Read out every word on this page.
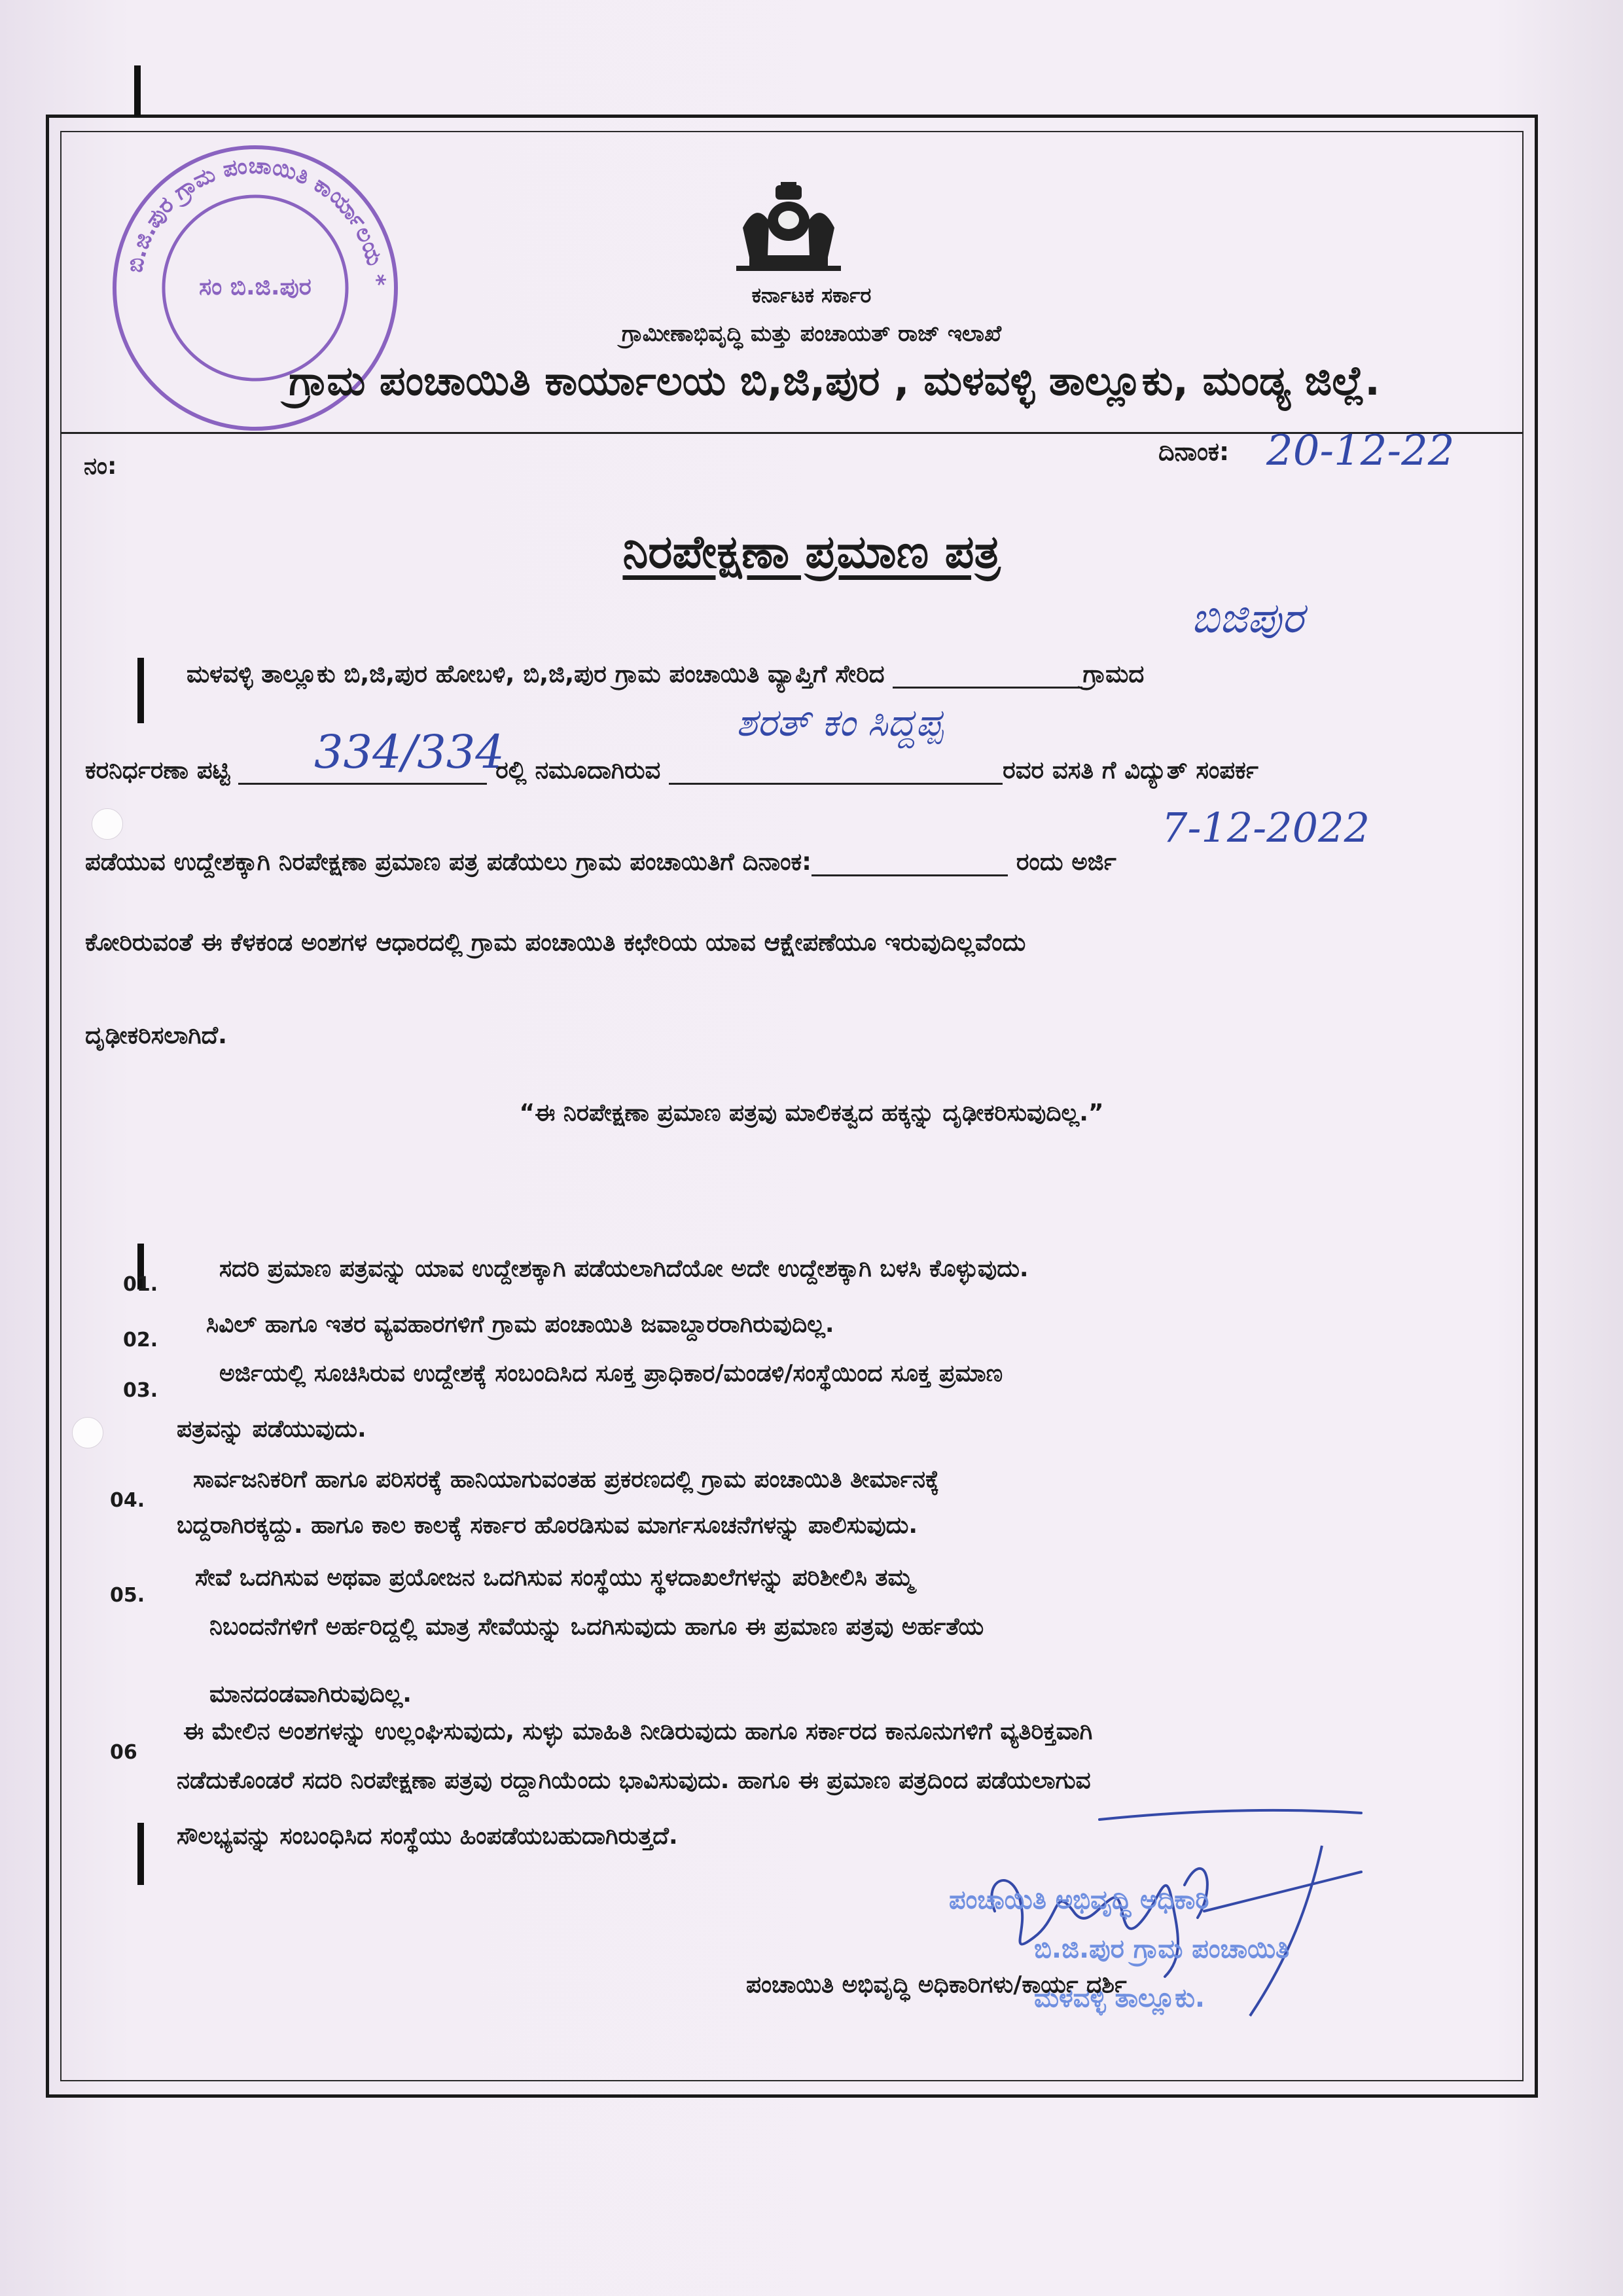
ಬಿ.ಜಿ.ಪುರ ಗ್ರಾಮ ಪಂಚಾಯಿತಿ ಕಾರ್ಯಾಲಯ *
ಸಂ ಬಿ.ಜಿ.ಪುರ	ಕರ್ನಾಟಕ ಸರ್ಕಾರ
ಗ್ರಾಮೀಣಾಭಿವೃದ್ಧಿ ಮತ್ತು ಪಂಚಾಯತ್ ರಾಜ್ ಇಲಾಖೆ
ಗ್ರಾಮ ಪಂಚಾಯಿತಿ ಕಾರ್ಯಾಲಯ ಬಿ,ಜಿ,ಪುರ , ಮಳವಳ್ಳಿ ತಾಲ್ಲೂಕು, ಮಂಡ್ಯ ಜಿಲ್ಲೆ.
ನಂ:
ದಿನಾಂಕ: 20-12-22
ನಿರಪೇಕ್ಷಣಾ ಪ್ರಮಾಣ ಪತ್ರ
ಬಿಜಿಪುರ
ಮಳವಳ್ಳಿ ತಾಲ್ಲೂಕು ಬಿ,ಜಿ,ಪುರ ಹೋಬಳಿ, ಬಿ,ಜಿ,ಪುರ ಗ್ರಾಮ ಪಂಚಾಯಿತಿ ವ್ಯಾಪ್ತಿಗೆ ಸೇರಿದ	ಗ್ರಾಮದ
ಕರನಿರ್ಧರಣಾ ಪಟ್ಟಿ	ರಲ್ಲಿ ನಮೂದಾಗಿರುವ	ರವರ ವಸತಿ ಗೆ ವಿದ್ಯುತ್ ಸಂಪರ್ಕ
334/334
ಶರತ್ ಕಂ ಸಿದ್ದಪ್ಪ
ಪಡೆಯುವ ಉದ್ದೇಶಕ್ಕಾಗಿ ನಿರಪೇಕ್ಷಣಾ ಪ್ರಮಾಣ ಪತ್ರ ಪಡೆಯಲು ಗ್ರಾಮ ಪಂಚಾಯಿತಿಗೆ ದಿನಾಂಕ:	ರಂದು ಅರ್ಜಿ
7-12-2022
ಕೋರಿರುವಂತೆ ಈ ಕೆಳಕಂಡ ಅಂಶಗಳ ಆಧಾರದಲ್ಲಿ ಗ್ರಾಮ ಪಂಚಾಯಿತಿ ಕಛೇರಿಯ ಯಾವ ಆಕ್ಷೇಪಣೆಯೂ ಇರುವುದಿಲ್ಲವೆಂದು
ದೃಢೀಕರಿಸಲಾಗಿದೆ.
“ಈ ನಿರಪೇಕ್ಷಣಾ ಪ್ರಮಾಣ ಪತ್ರವು ಮಾಲಿಕತ್ವದ ಹಕ್ಕನ್ನು ದೃಢೀಕರಿಸುವುದಿಲ್ಲ.”
01.
ಸದರಿ ಪ್ರಮಾಣ ಪತ್ರವನ್ನು ಯಾವ ಉದ್ದೇಶಕ್ಕಾಗಿ ಪಡೆಯಲಾಗಿದೆಯೋ ಅದೇ ಉದ್ದೇಶಕ್ಕಾಗಿ ಬಳಸಿ ಕೊಳ್ಳುವುದು.
02.
ಸಿವಿಲ್ ಹಾಗೂ ಇತರ ವ್ಯವಹಾರಗಳಿಗೆ ಗ್ರಾಮ ಪಂಚಾಯಿತಿ ಜವಾಬ್ದಾರರಾಗಿರುವುದಿಲ್ಲ.
03.
ಅರ್ಜಿಯಲ್ಲಿ ಸೂಚಿಸಿರುವ ಉದ್ದೇಶಕ್ಕೆ ಸಂಬಂದಿಸಿದ ಸೂಕ್ತ ಪ್ರಾಧಿಕಾರ/ಮಂಡಳಿ/ಸಂಸ್ಥೆಯಿಂದ ಸೂಕ್ತ ಪ್ರಮಾಣ
ಪತ್ರವನ್ನು ಪಡೆಯುವುದು.
04.
ಸಾರ್ವಜನಿಕರಿಗೆ ಹಾಗೂ ಪರಿಸರಕ್ಕೆ ಹಾನಿಯಾಗುವಂತಹ ಪ್ರಕರಣದಲ್ಲಿ ಗ್ರಾಮ ಪಂಚಾಯಿತಿ ತೀರ್ಮಾನಕ್ಕೆ
ಬದ್ದರಾಗಿರಕ್ಕದ್ದು. ಹಾಗೂ ಕಾಲ ಕಾಲಕ್ಕೆ ಸರ್ಕಾರ ಹೊರಡಿಸುವ ಮಾರ್ಗಸೂಚನೆಗಳನ್ನು ಪಾಲಿಸುವುದು.
05.
ಸೇವೆ ಒದಗಿಸುವ ಅಥವಾ ಪ್ರಯೋಜನ ಒದಗಿಸುವ ಸಂಸ್ಥೆಯು ಸ್ಥಳದಾಖಲೆಗಳನ್ನು ಪರಿಶೀಲಿಸಿ ತಮ್ಮ
ನಿಬಂದನೆಗಳಿಗೆ ಅರ್ಹರಿದ್ದಲ್ಲಿ ಮಾತ್ರ ಸೇವೆಯನ್ನು ಒದಗಿಸುವುದು ಹಾಗೂ ಈ ಪ್ರಮಾಣ ಪತ್ರವು ಅರ್ಹತೆಯ
ಮಾನದಂಡವಾಗಿರುವುದಿಲ್ಲ.
06
ಈ ಮೇಲಿನ ಅಂಶಗಳನ್ನು ಉಲ್ಲಂಘಿಸುವುದು, ಸುಳ್ಳು ಮಾಹಿತಿ ನೀಡಿರುವುದು ಹಾಗೂ ಸರ್ಕಾರದ ಕಾನೂನುಗಳಿಗೆ ವ್ಯತಿರಿಕ್ತವಾಗಿ
ನಡೆದುಕೊಂಡರೆ ಸದರಿ ನಿರಪೇಕ್ಷಣಾ ಪತ್ರವು ರದ್ದಾಗಿಯೆಂದು ಭಾವಿಸುವುದು. ಹಾಗೂ ಈ ಪ್ರಮಾಣ ಪತ್ರದಿಂದ ಪಡೆಯಲಾಗುವ
ಸೌಲಭ್ಯವನ್ನು ಸಂಬಂಧಿಸಿದ ಸಂಸ್ಥೆಯು ಹಿಂಪಡೆಯಬಹುದಾಗಿರುತ್ತದೆ.
ಪಂಚಾಯಿತಿ ಅಭಿವೃದ್ಧಿ ಅಧಿಕಾರಿ
ಬಿ.ಜಿ.ಪುರ ಗ್ರಾಮ ಪಂಚಾಯಿತಿ
ಮಳವಳ್ಳಿ ತಾಲ್ಲೂಕು.
ಪಂಚಾಯಿತಿ ಅಭಿವೃದ್ಧಿ ಅಧಿಕಾರಿಗಳು/ಕಾರ್ಯ ದರ್ಶಿ
